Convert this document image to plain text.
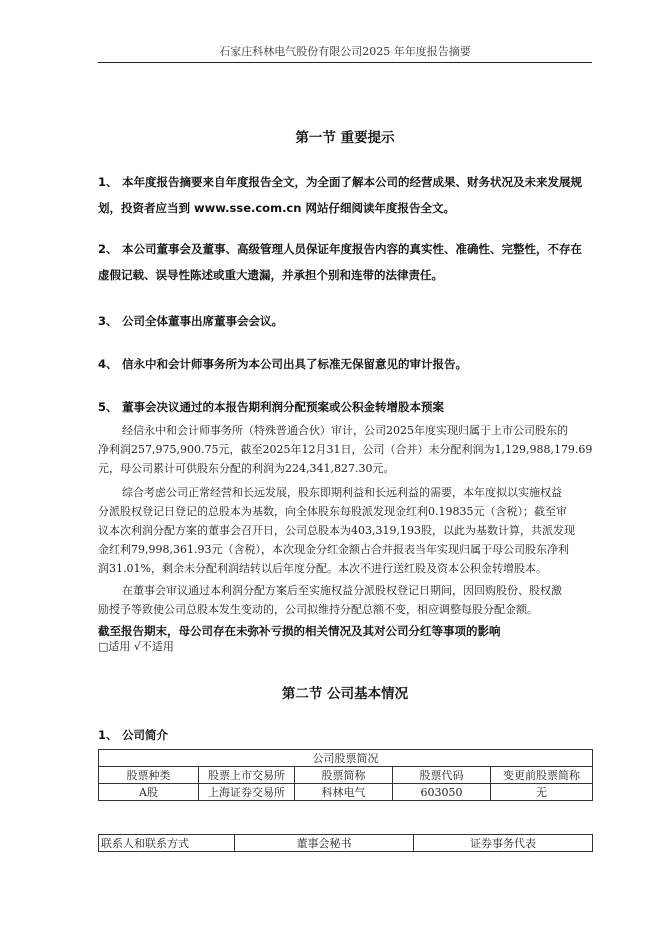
石家庄科林电气股份有限公司2025 年年度报告摘要
第一节 重要提示
1、 本年度报告摘要来自年度报告全文，为全面了解本公司的经营成果、财务状况及未来发展规
划，投资者应当到 www.sse.com.cn 网站仔细阅读年度报告全文。
2、 本公司董事会及董事、高级管理人员保证年度报告内容的真实性、准确性、完整性，不存在
虚假记载、误导性陈述或重大遗漏，并承担个别和连带的法律责任。
3、 公司全体董事出席董事会会议。
4、 信永中和会计师事务所为本公司出具了标准无保留意见的审计报告。
5、 董事会决议通过的本报告期利润分配预案或公积金转增股本预案
经信永中和会计师事务所（特殊普通合伙）审计，公司2025年度实现归属于上市公司股东的
净利润257,975,900.75元，截至2025年12月31日，公司（合并）未分配利润为1,129,988,179.69
元，母公司累计可供股东分配的利润为224,341,827.30元。
综合考虑公司正常经营和长远发展，股东即期利益和长远利益的需要，本年度拟以实施权益
分派股权登记日登记的总股本为基数，向全体股东每股派发现金红利0.19835元（含税）；截至审
议本次利润分配方案的董事会召开日，公司总股本为403,319,193股，以此为基数计算，共派发现
金红利79,998,361.93元（含税），本次现金分红金额占合并报表当年实现归属于母公司股东净利
润31.01%，剩余未分配利润结转以后年度分配。本次不进行送红股及资本公积金转增股本。
在董事会审议通过本利润分配方案后至实施权益分派股权登记日期间，因回购股份、股权激
励授予等致使公司总股本发生变动的，公司拟维持分配总额不变，相应调整每股分配金额。
截至报告期末，母公司存在未弥补亏损的相关情况及其对公司分红等事项的影响
□适用 √不适用
第二节 公司基本情况
1、 公司简介
公司股票简况				
股票种类	股票上市交易所	股票简称	股票代码	变更前股票简称
A股	上海证券交易所	科林电气	603050	无
联系人和联系方式	董事会秘书	证券事务代表
